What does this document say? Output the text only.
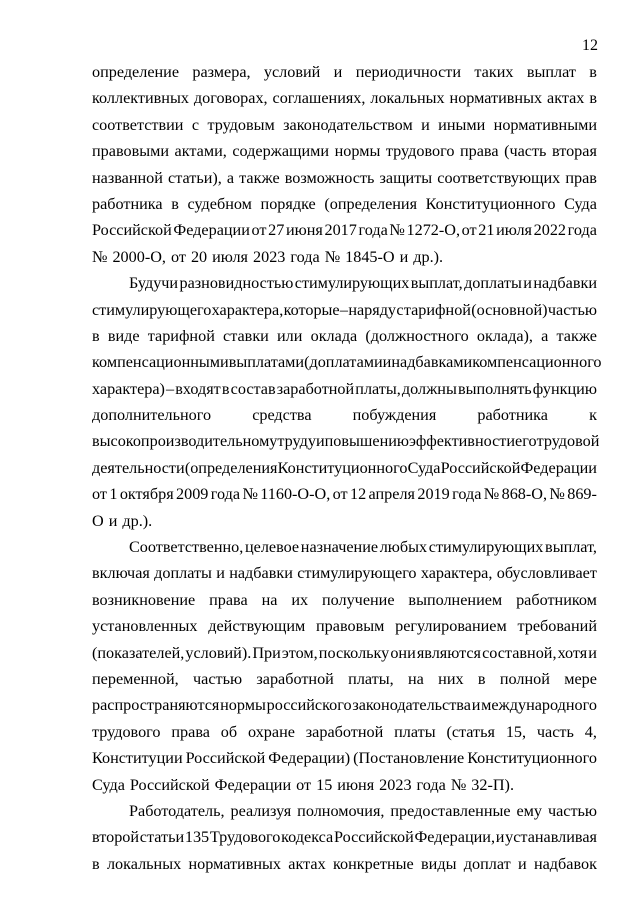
12
определение размера, условий и периодичности таких выплат в
коллективных договорах, соглашениях, локальных нормативных актах в
соответствии с трудовым законодательством и иными нормативными
правовыми актами, содержащими нормы трудового права (часть вторая
названной статьи), а также возможность защиты соответствующих прав
работника в судебном порядке (определения Конституционного Суда
Российской Федерации от 27 июня 2017 года № 1272-О, от 21 июля 2022 года
№ 2000-О, от 20 июля 2023 года № 1845-О и др.).
Будучи разновидностью стимулирующих выплат, доплаты и надбавки
стимулирующего характера, которые – наряду с тарифной (основной) частью
в виде тарифной ставки или оклада (должностного оклада), а также
компенсационными выплатами (доплатами и надбавками компенсационного
характера) – входят в состав заработной платы, должны выполнять функцию
дополнительного	средства	побуждения	работника	к
высокопроизводительному труду и повышению эффективности его трудовой
деятельности (определения Конституционного Суда Российской Федерации
от 1 октября 2009 года № 1160-О-О, от 12 апреля 2019 года № 868-О, № 869-
О и др.).
Соответственно, целевое назначение любых стимулирующих выплат,
включая доплаты и надбавки стимулирующего характера, обусловливает
возникновение права на их получение выполнением работником
установленных действующим правовым регулированием требований
(показателей, условий). При этом, поскольку они являются составной, хотя и
переменной, частью заработной платы, на них в полной мере
распространяются нормы российского законодательства и международного
трудового права об охране заработной платы (статья 15, часть 4,
Конституции Российской Федерации) (Постановление Конституционного
Суда Российской Федерации от 15 июня 2023 года № 32-П).
Работодатель, реализуя полномочия, предоставленные ему частью
второй статьи 135 Трудового кодекса Российской Федерации, и устанавливая
в локальных нормативных актах конкретные виды доплат и надбавок
